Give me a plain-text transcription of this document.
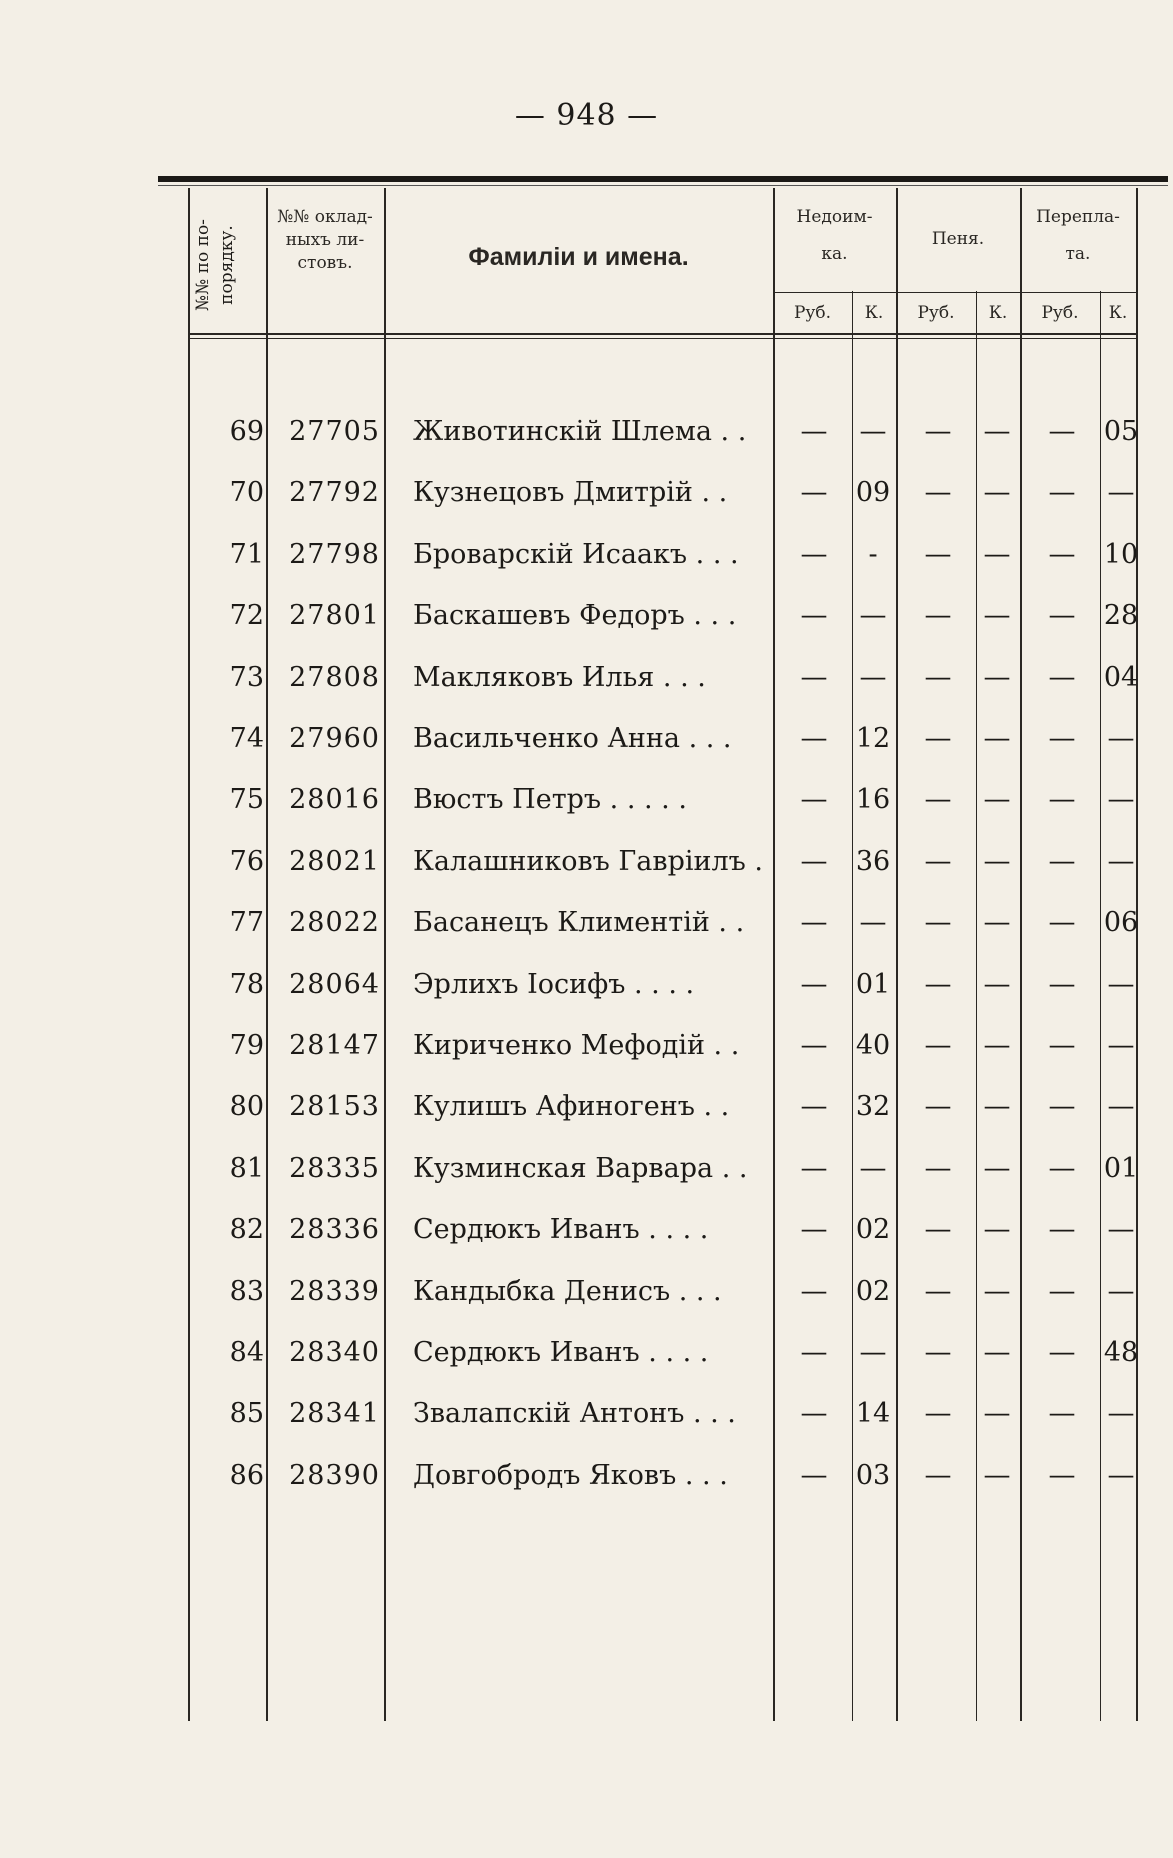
— 948 —
№№ по по- порядку.
№№ оклад- ныхъ ли- стовъ.	Фамиліи и имена.
Недоим-
ка.
Пеня.
Перепла-
та.
Руб.	К.	Руб.	К.	Руб.	К.
69 27705 Животинскій Шлема . .	—	—	—	—	—	05
70 27792 Кузнецовъ Дмитрій . .	—	09	—	—	—	—
71 27798 Броварскій Исаакъ . . .	—	-	—	—	—	10
72 27801 Баскашевъ Федоръ . . .	—	—	—	—	—	28
73 27808 Макляковъ Илья . . .	—	—	—	—	—	04
74 27960 Васильченко Анна . . .	—	12	—	—	—	—
75 28016 Вюстъ Петръ . . . . .	—	16	—	—	—	—
76 28021 Калашниковъ Гавріилъ .	—	36	—	—	—	—
77 28022 Басанецъ Климентій . .	—	—	—	—	—	06
78 28064 Эрлихъ Іосифъ . . . .	—	01	—	—	—	—
79 28147 Кириченко Мефодій . .	—	40	—	—	—	—
80 28153 Кулишъ Афиногенъ . .	—	32	—	—	—	—
81 28335 Кузминская Варвара . .	—	—	—	—	—	01
82 28336 Сердюкъ Иванъ . . . .	—	02	—	—	—	—
83 28339 Кандыбка Денисъ . . .	—	02	—	—	—	—
84 28340 Сердюкъ Иванъ . . . .	—	—	—	—	—	48
85 28341 Звалапскій Антонъ . . .	—	14	—	—	—	—
86 28390 Довгобродъ Яковъ . . .	—	03	—	—	—	—
